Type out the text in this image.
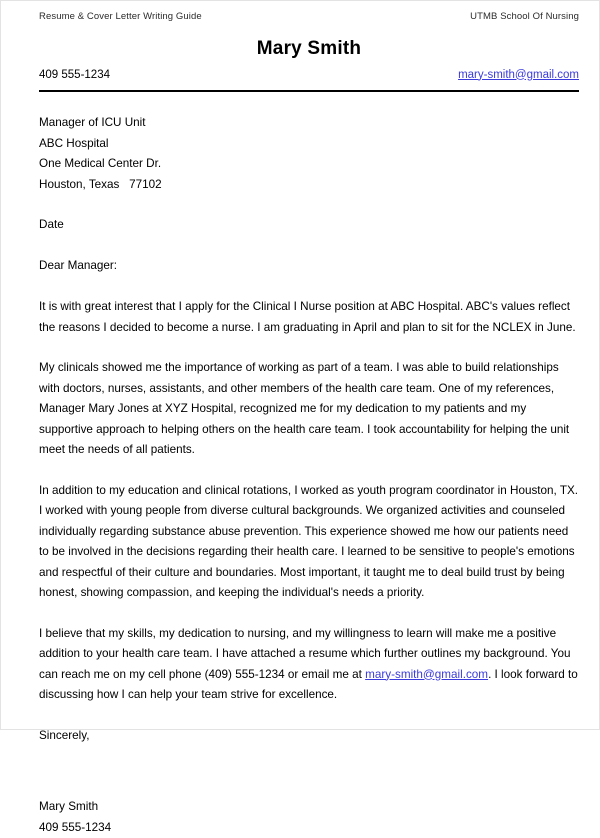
Resume & Cover Letter Writing Guide	UTMB School Of Nursing
Mary Smith
409 555-1234	mary-smith@gmail.com
Manager of ICU Unit
ABC Hospital
One Medical Center Dr.
Houston, Texas   77102
Date
Dear Manager:

It is with great interest that I apply for the Clinical I Nurse position at ABC Hospital. ABC's values reflect the reasons I decided to become a nurse. I am graduating in April and plan to sit for the NCLEX in June.

My clinicals showed me the importance of working as part of a team. I was able to build relationships with doctors, nurses, assistants, and other members of the health care team. One of my references, Manager Mary Jones at XYZ Hospital, recognized me for my dedication to my patients and my supportive approach to helping others on the health care team. I took accountability for helping the unit meet the needs of all patients.

In addition to my education and clinical rotations, I worked as youth program coordinator in Houston, TX. I worked with young people from diverse cultural backgrounds. We organized activities and counseled individually regarding substance abuse prevention. This experience showed me how our patients need to be involved in the decisions regarding their health care. I learned to be sensitive to people's emotions and respectful of their culture and boundaries. Most important, it taught me to deal build trust by being honest, showing compassion, and keeping the individual's needs a priority.

I believe that my skills, my dedication to nursing, and my willingness to learn will make me a positive addition to your health care team. I have attached a resume which further outlines my background. You can reach me on my cell phone (409) 555-1234 or email me at mary-smith@gmail.com. I look forward to discussing how I can help your team strive for excellence.

Sincerely,
Mary Smith
409 555-1234
